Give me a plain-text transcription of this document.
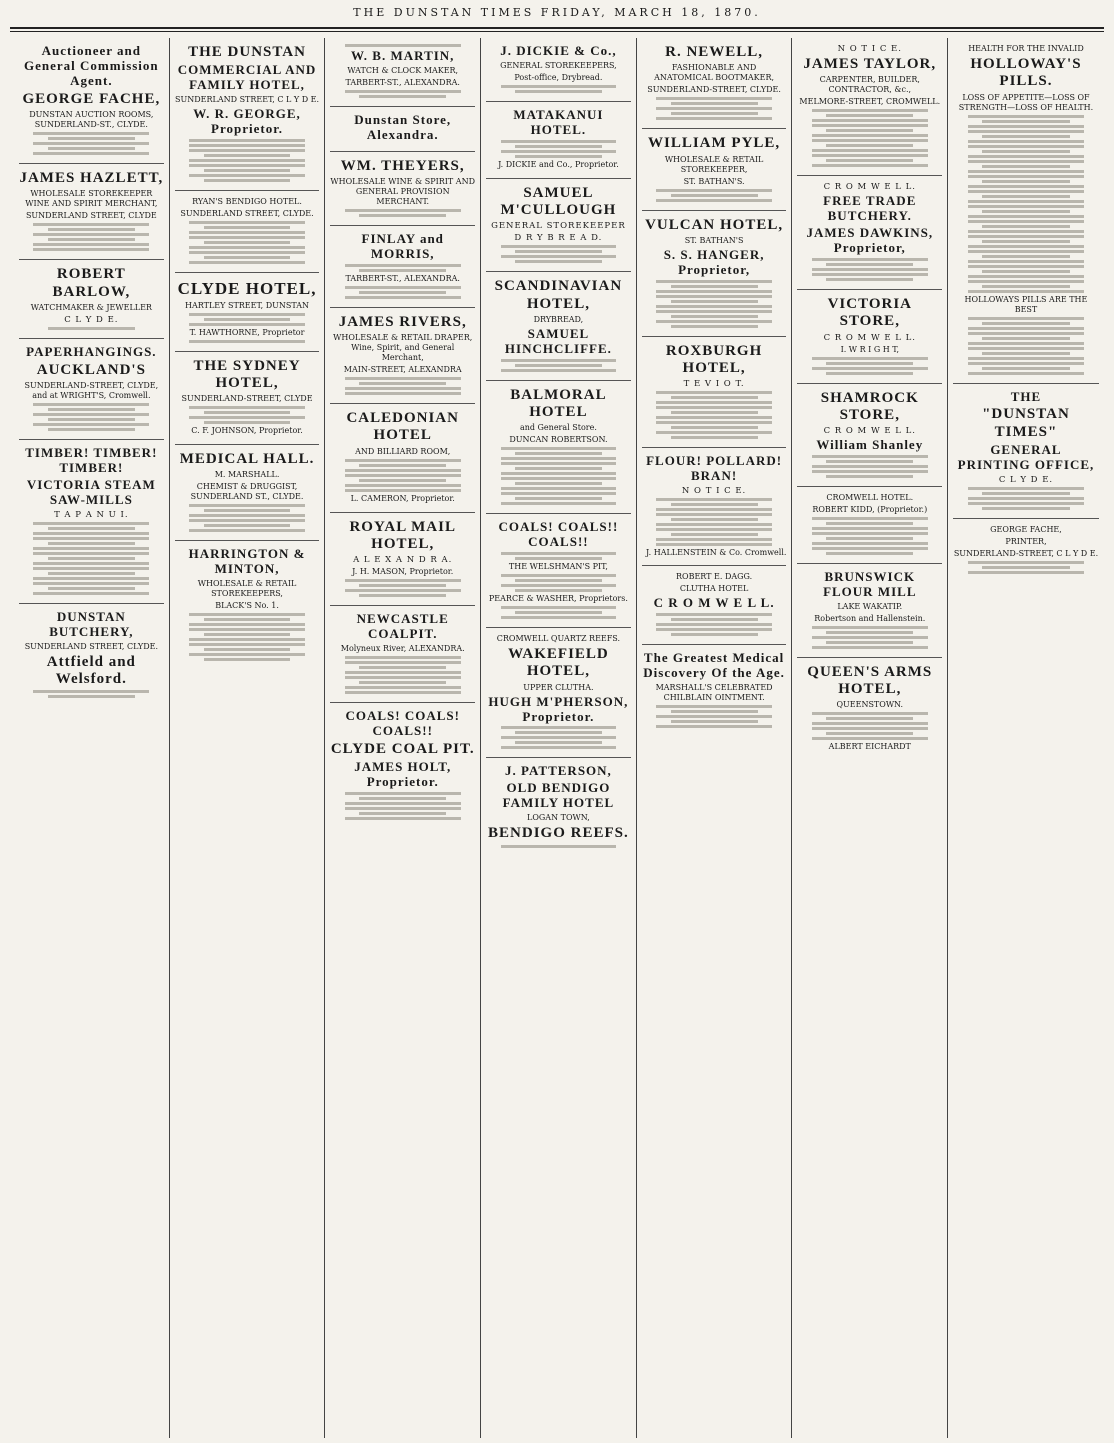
THE DUNSTAN TIMES FRIDAY, MARCH 18, 1870.
Auctioneer and General Commission Agent.
GEORGE FACHE,
DUNSTAN AUCTION ROOMS, SUNDERLAND-ST., CLYDE.
JAMES HAZLETT,
WHOLESALE STOREKEEPER WINE AND SPIRIT MERCHANT,
SUNDERLAND STREET, CLYDE
ROBERT BARLOW,
WATCHMAKER & JEWELLER
C L Y D E.
PAPERHANGINGS.
AUCKLAND'S
SUNDERLAND-STREET, CLYDE, and at WRIGHT'S, Cromwell.
TIMBER! TIMBER! TIMBER!
VICTORIA STEAM SAW-MILLS
T A P A N U I.
DUNSTAN BUTCHERY,
SUNDERLAND STREET, CLYDE.
Attfield and Welsford.
THE DUNSTAN
COMMERCIAL AND FAMILY HOTEL,
SUNDERLAND STREET, C L Y D E.
W. R. GEORGE, Proprietor.
RYAN'S BENDIGO HOTEL.
SUNDERLAND STREET, CLYDE.
CLYDE HOTEL,
HARTLEY STREET, DUNSTAN
T. HAWTHORNE, Proprietor
THE SYDNEY HOTEL,
SUNDERLAND-STREET, CLYDE
C. F. JOHNSON, Proprietor.
MEDICAL HALL.
M. MARSHALL.
CHEMIST & DRUGGIST, SUNDERLAND ST., CLYDE.
HARRINGTON & MINTON,
WHOLESALE & RETAIL STOREKEEPERS,
BLACK'S No. 1.
W. B. MARTIN,
WATCH & CLOCK MAKER,
TARBERT-ST., ALEXANDRA.
Dunstan Store, Alexandra.
WM. THEYERS,
WHOLESALE WINE & SPIRIT AND GENERAL PROVISION MERCHANT.
FINLAY and MORRIS,
TARBERT-ST., ALEXANDRA.
JAMES RIVERS,
WHOLESALE & RETAIL DRAPER, Wine, Spirit, and General Merchant,
MAIN-STREET, ALEXANDRA
CALEDONIAN HOTEL
AND BILLIARD ROOM,
L. CAMERON, Proprietor.
ROYAL MAIL HOTEL,
A L E X A N D R A.
J. H. MASON, Proprietor.
NEWCASTLE COALPIT.
Molyneux River, ALEXANDRA.
COALS! COALS! COALS!!
CLYDE COAL PIT.
JAMES HOLT, Proprietor.
J. DICKIE & Co.,
GENERAL STOREKEEPERS,
Post-office, Drybread.
MATAKANUI HOTEL.
J. DICKIE and Co., Proprietor.
SAMUEL M'CULLOUGH
GENERAL STOREKEEPER
D R Y B R E A D.
SCANDINAVIAN HOTEL,
DRYBREAD,
SAMUEL HINCHCLIFFE.
BALMORAL HOTEL
and General Store.
DUNCAN ROBERTSON.
COALS! COALS!! COALS!!
THE WELSHMAN'S PIT,
PEARCE & WASHER, Proprietors.
CROMWELL QUARTZ REEFS.
WAKEFIELD HOTEL,
UPPER CLUTHA.
HUGH M'PHERSON, Proprietor.
J. PATTERSON,
OLD BENDIGO FAMILY HOTEL
LOGAN TOWN,
BENDIGO REEFS.
R. NEWELL,
FASHIONABLE AND ANATOMICAL BOOTMAKER,
SUNDERLAND-STREET, CLYDE.
WILLIAM PYLE,
WHOLESALE & RETAIL STOREKEEPER,
ST. BATHAN'S.
VULCAN HOTEL,
ST. BATHAN'S
S. S. HANGER, Proprietor,
ROXBURGH HOTEL,
T E V I O T.
FLOUR! POLLARD! BRAN!
N O T I C E.
J. HALLENSTEIN & Co. Cromwell.
ROBERT E. DAGG.
CLUTHA HOTEL
C R O M W E L L.
The Greatest Medical Discovery Of the Age.
MARSHALL'S CELEBRATED CHILBLAIN OINTMENT.
N O T I C E.
JAMES TAYLOR,
CARPENTER, BUILDER, CONTRACTOR, &c.,
MELMORE-STREET, CROMWELL.
C R O M W E L L.
FREE TRADE BUTCHERY.
JAMES DAWKINS, Proprietor,
VICTORIA STORE,
C R O M W E L L.
I. W R I G H T,
SHAMROCK STORE,
C R O M W E L L.
William Shanley
CROMWELL HOTEL.
ROBERT KIDD, (Proprietor.)
BRUNSWICK FLOUR MILL
LAKE WAKATIP.
Robertson and Hallenstein.
QUEEN'S ARMS HOTEL,
QUEENSTOWN.
ALBERT EICHARDT
HEALTH FOR THE INVALID
HOLLOWAY'S PILLS.
LOSS OF APPETITE—LOSS OF STRENGTH—LOSS OF HEALTH.
HOLLOWAYS PILLS ARE THE BEST
THE
"DUNSTAN TIMES"
GENERAL PRINTING OFFICE,
C L Y D E.
GEORGE FACHE,
PRINTER,
SUNDERLAND-STREET, C L Y D E.
